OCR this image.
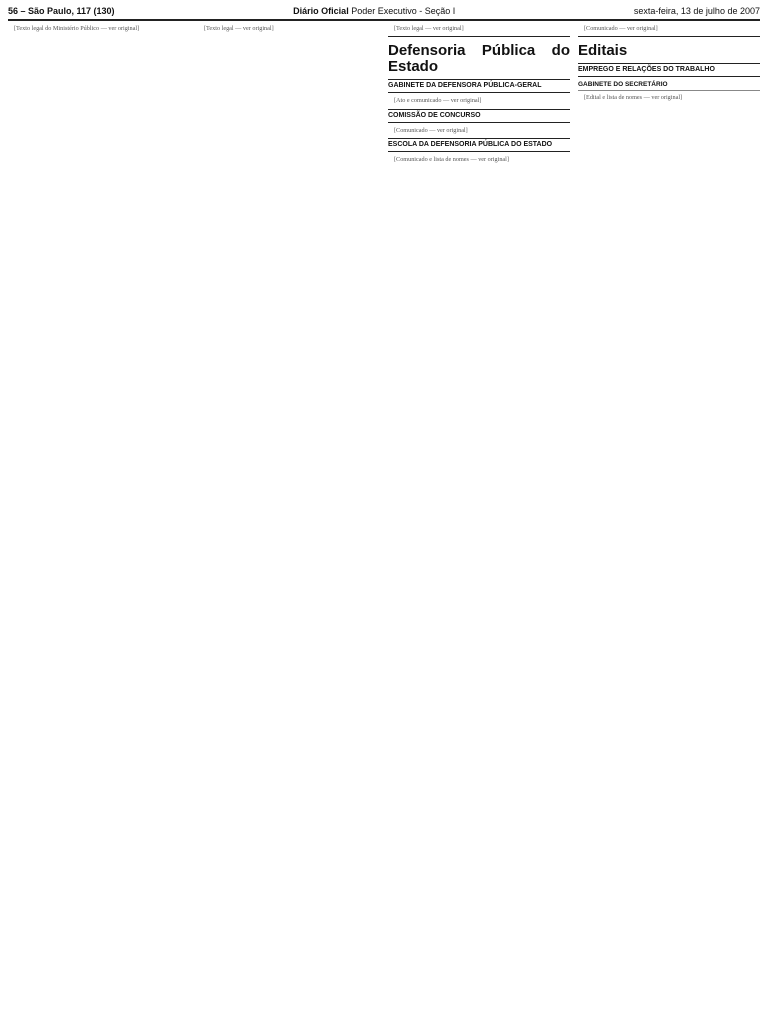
56 – São Paulo, 117 (130)	Diário Oficial Poder Executivo - Seção I	sexta-feira, 13 de julho de 2007

[Texto legal do Ministério Público — ver original]	[Texto legal — ver original]	[Texto legal — ver original]

Defensoria Pública do Estado
GABINETE DA DEFENSORA PÚBLICA-GERAL

[Ato e comunicado — ver original]

COMISSÃO DE CONCURSO

[Comunicado — ver original]

ESCOLA DA DEFENSORIA PÚBLICA DO ESTADO

[Comunicado e lista de nomes — ver original]

[Comunicado — ver original]

Editais
EMPREGO E RELAÇÕES DO TRABALHO
GABINETE DO SECRETÁRIO

[Edital e lista de nomes — ver original]
